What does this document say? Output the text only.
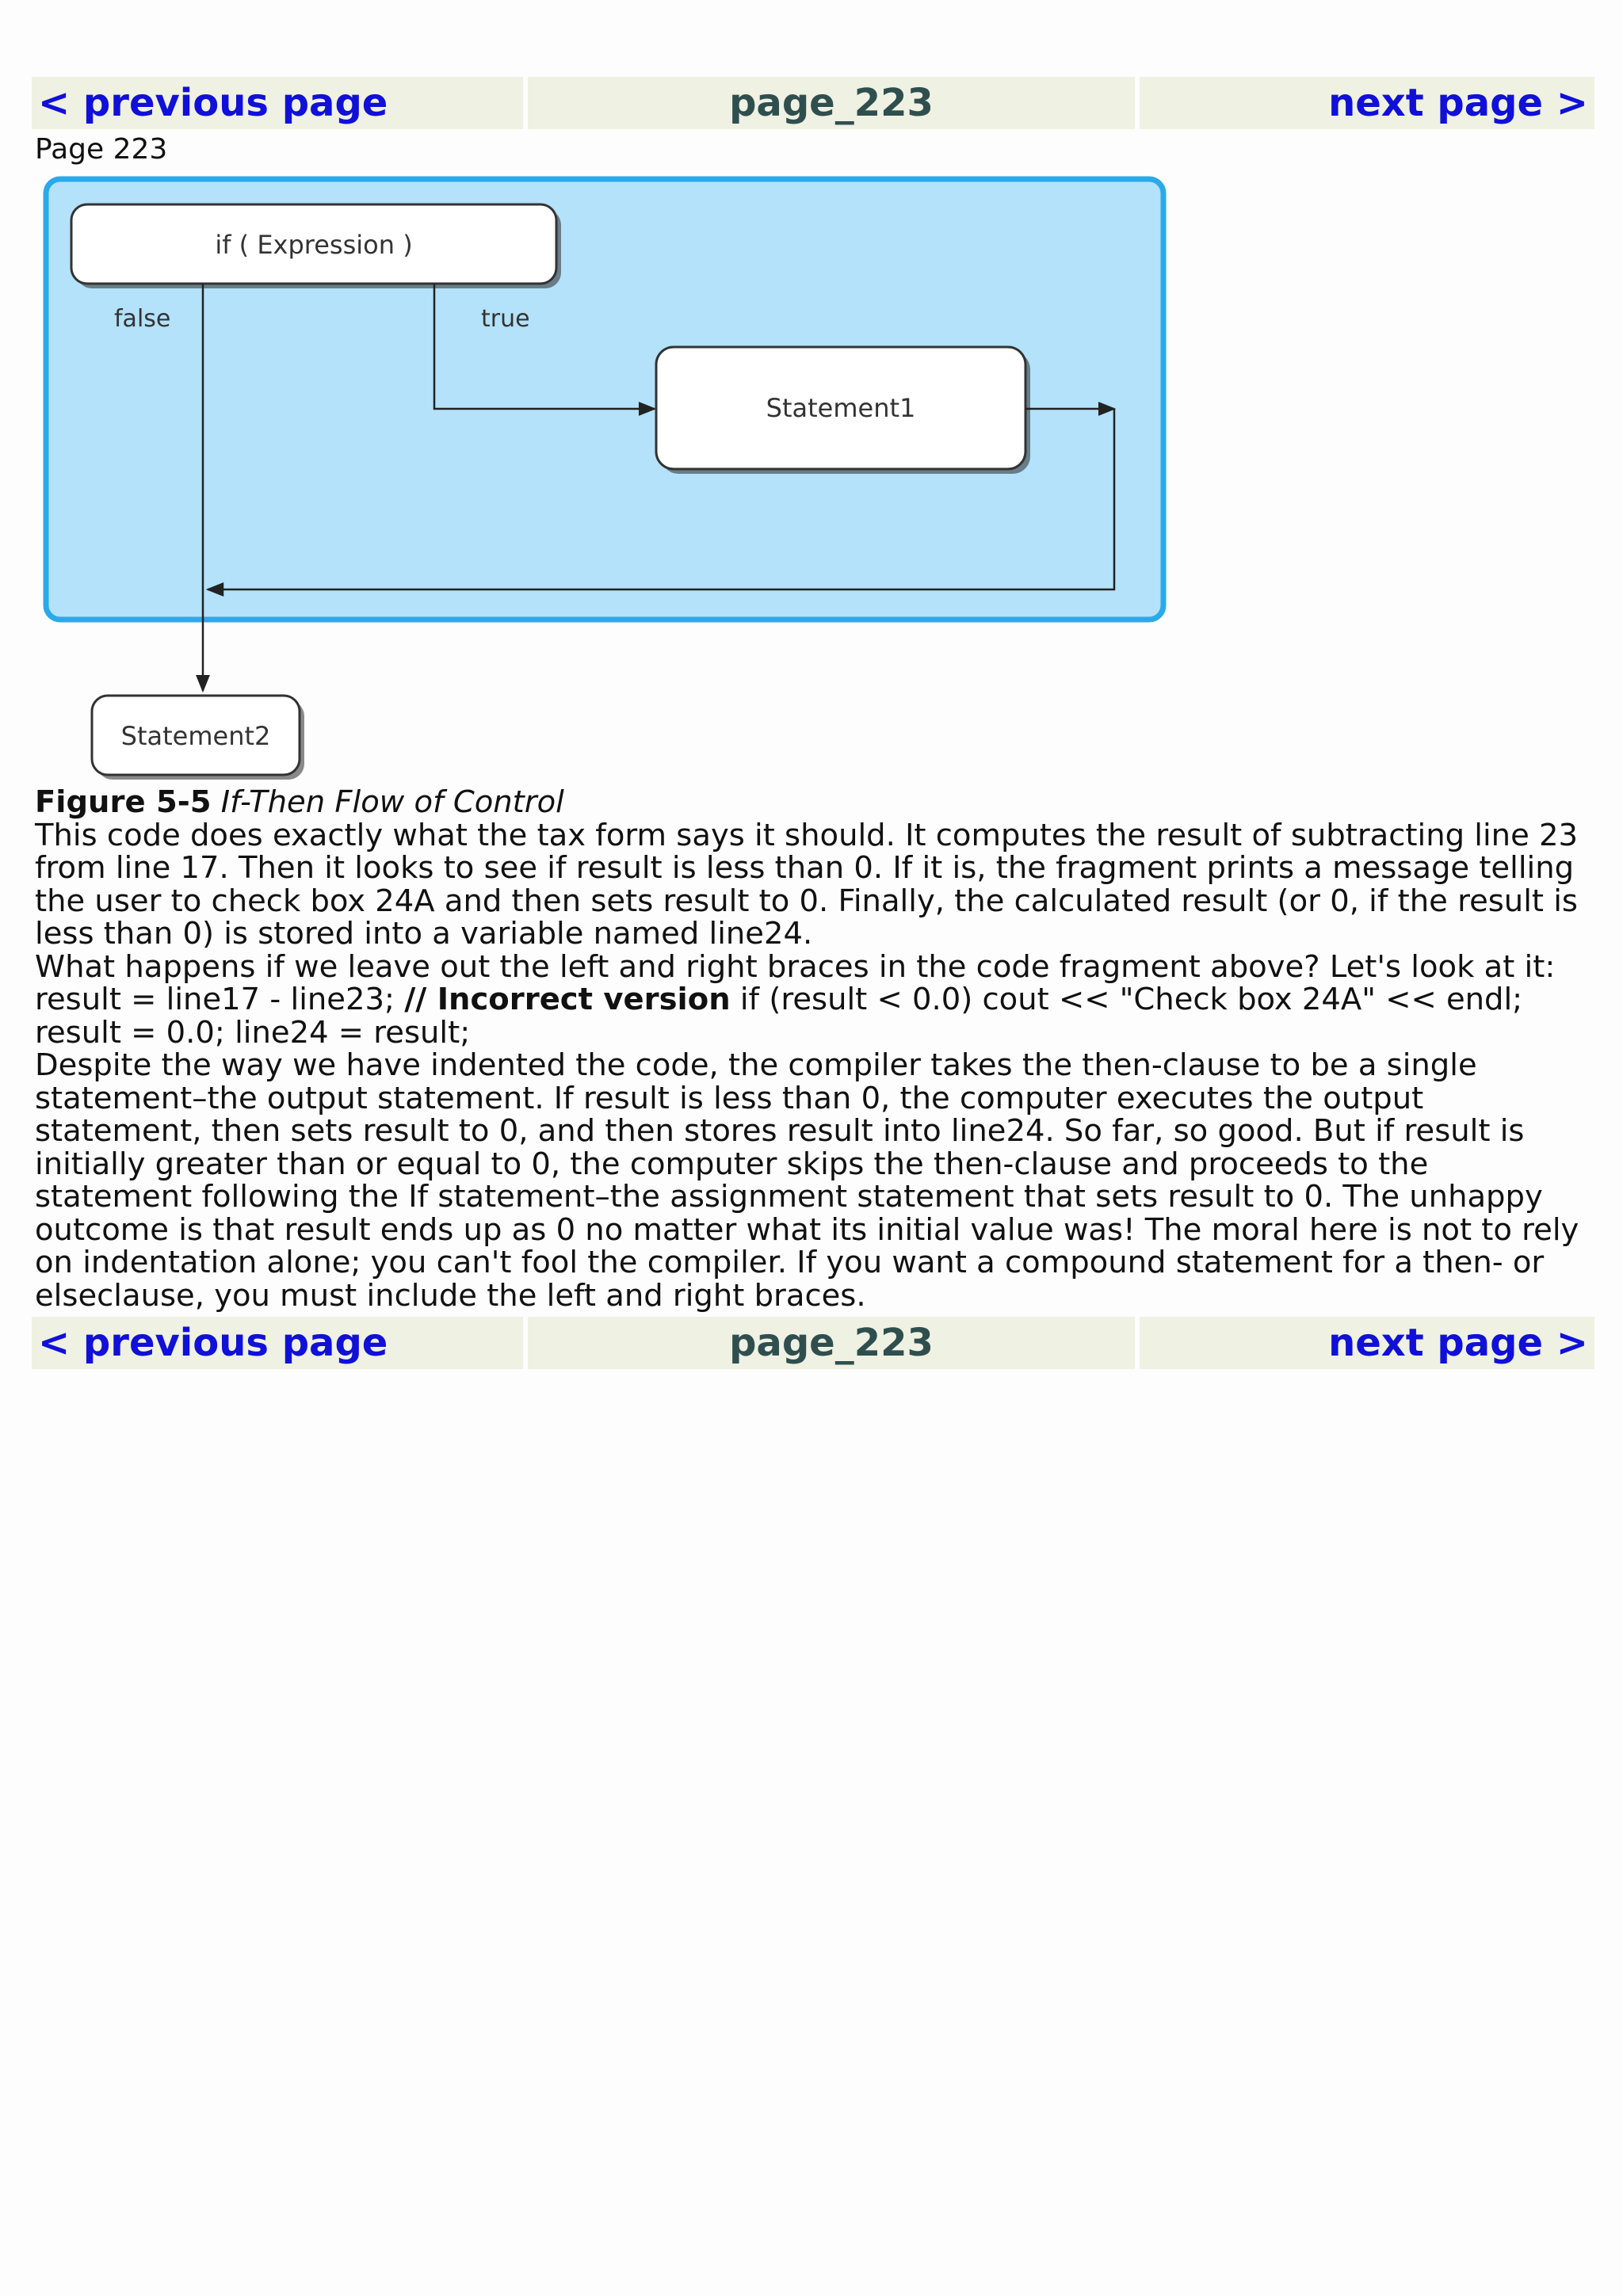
< previous page	page_223	next page >
Page 223
if ( Expression )
false	true
Statement1
Statement2

Figure 5-5 If-Then Flow of Control

This code does exactly what the tax form says it should. It computes the result of subtracting line 23 from line 17. Then it looks to see if result is less than 0. If it is, the fragment prints a message telling the user to check box 24A and then sets result to 0. Finally, the calculated result (or 0, if the result is less than 0) is stored into a variable named line24.

What happens if we leave out the left and right braces in the code fragment above? Let's look at it:

result = line17 - line23; // Incorrect version if (result < 0.0) cout << "Check box 24A" << endl; result = 0.0; line24 = result;

Despite the way we have indented the code, the compiler takes the then-clause to be a single statement–the output statement. If result is less than 0, the computer executes the output statement, then sets result to 0, and then stores result into line24. So far, so good. But if result is initially greater than or equal to 0, the computer skips the then-clause and proceeds to the statement following the If statement–the assignment statement that sets result to 0. The unhappy outcome is that result ends up as 0 no matter what its initial value was! The moral here is not to rely on indentation alone; you can't fool the compiler. If you want a compound statement for a then- or elseclause, you must include the left and right braces.

< previous page	page_223	next page >
